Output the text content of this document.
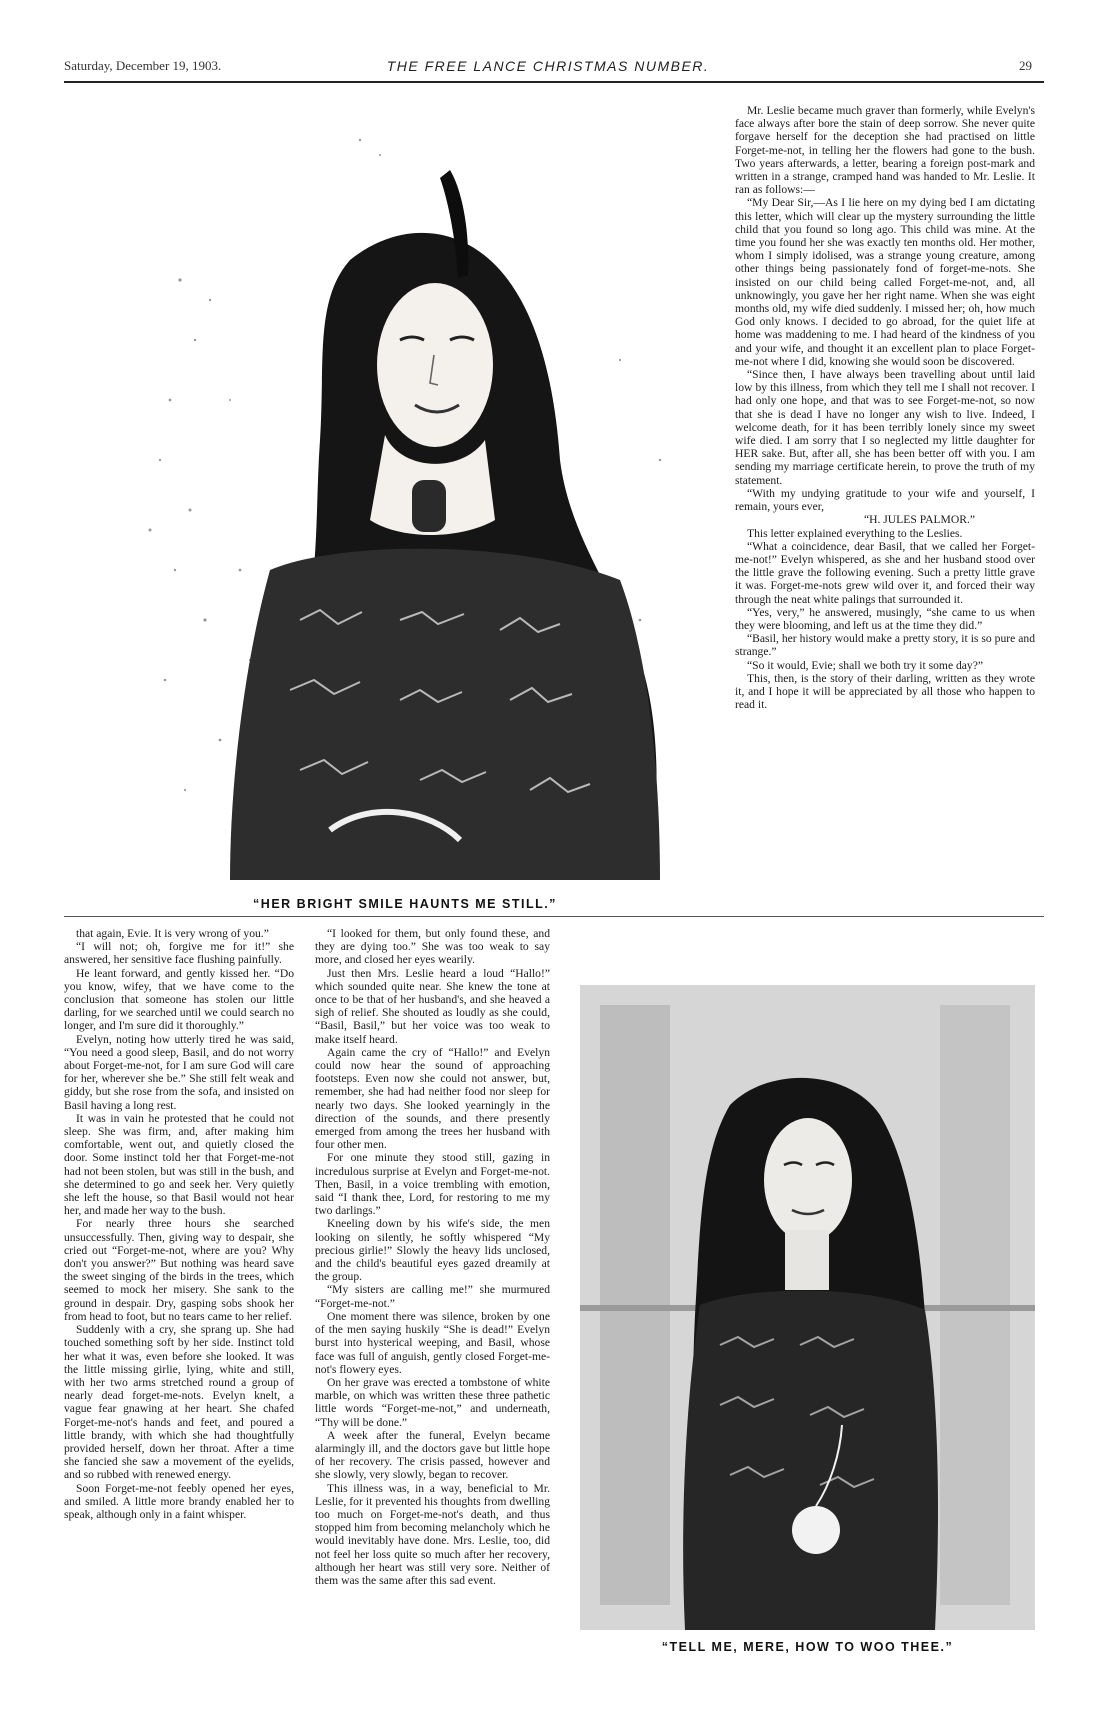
Saturday, December 19, 1903.	THE FREE LANCE CHRISTMAS NUMBER.	29
“HER BRIGHT SMILE HAUNTS ME STILL.”

Mr. Leslie became much graver than formerly, while Evelyn's face always after bore the stain of deep sorrow. She never quite forgave herself for the deception she had practised on little Forget-me-not, in telling her the flowers had gone to the bush. Two years afterwards, a letter, bearing a foreign post-mark and written in a strange, cramped hand was handed to Mr. Leslie. It ran as follows:—

“My Dear Sir,—As I lie here on my dying bed I am dictating this letter, which will clear up the mystery surrounding the little child that you found so long ago. This child was mine. At the time you found her she was exactly ten months old. Her mother, whom I simply idolised, was a strange young creature, among other things being passionately fond of forget-me-nots. She insisted on our child being called Forget-me-not, and, all unknowingly, you gave her her right name. When she was eight months old, my wife died suddenly. I missed her; oh, how much God only knows. I decided to go abroad, for the quiet life at home was maddening to me. I had heard of the kindness of you and your wife, and thought it an excellent plan to place Forget-me-not where I did, knowing she would soon be discovered.

“Since then, I have always been travelling about until laid low by this illness, from which they tell me I shall not recover. I had only one hope, and that was to see Forget-me-not, so now that she is dead I have no longer any wish to live. Indeed, I welcome death, for it has been terribly lonely since my sweet wife died. I am sorry that I so neglected my little daughter for HER sake. But, after all, she has been better off with you. I am sending my marriage certificate herein, to prove the truth of my statement.

“With my undying gratitude to your wife and yourself, I remain, yours ever,

“H. JULES PALMOR.”

This letter explained everything to the Leslies.

“What a coincidence, dear Basil, that we called her Forget-me-not!” Evelyn whispered, as she and her husband stood over the little grave the following evening. Such a pretty little grave it was. Forget-me-nots grew wild over it, and forced their way through the neat white palings that surrounded it.

“Yes, very,” he answered, musingly, “she came to us when they were blooming, and left us at the time they did.”

“Basil, her history would make a pretty story, it is so pure and strange.”

“So it would, Evie; shall we both try it some day?”

This, then, is the story of their darling, written as they wrote it, and I hope it will be appreciated by all those who happen to read it.

that again, Evie. It is very wrong of you.”

“I will not; oh, forgive me for it!” she answered, her sensitive face flushing painfully.

He leant forward, and gently kissed her. “Do you know, wifey, that we have come to the conclusion that someone has stolen our little darling, for we searched until we could search no longer, and I'm sure did it thoroughly.”

Evelyn, noting how utterly tired he was said, “You need a good sleep, Basil, and do not worry about Forget-me-not, for I am sure God will care for her, wherever she be.” She still felt weak and giddy, but she rose from the sofa, and insisted on Basil having a long rest.

It was in vain he protested that he could not sleep. She was firm, and, after making him comfortable, went out, and quietly closed the door. Some instinct told her that Forget-me-not had not been stolen, but was still in the bush, and she determined to go and seek her. Very quietly she left the house, so that Basil would not hear her, and made her way to the bush.

For nearly three hours she searched unsuccessfully. Then, giving way to despair, she cried out “Forget-me-not, where are you? Why don't you answer?” But nothing was heard save the sweet singing of the birds in the trees, which seemed to mock her misery. She sank to the ground in despair. Dry, gasping sobs shook her from head to foot, but no tears came to her relief.

Suddenly with a cry, she sprang up. She had touched something soft by her side. Instinct told her what it was, even before she looked. It was the little missing girlie, lying, white and still, with her two arms stretched round a group of nearly dead forget-me-nots. Evelyn knelt, a vague fear gnawing at her heart. She chafed Forget-me-not's hands and feet, and poured a little brandy, with which she had thoughtfully provided herself, down her throat. After a time she fancied she saw a movement of the eyelids, and so rubbed with renewed energy.

Soon Forget-me-not feebly opened her eyes, and smiled. A little more brandy enabled her to speak, although only in a faint whisper.

“I looked for them, but only found these, and they are dying too.” She was too weak to say more, and closed her eyes wearily.

Just then Mrs. Leslie heard a loud “Hallo!” which sounded quite near. She knew the tone at once to be that of her husband's, and she heaved a sigh of relief. She shouted as loudly as she could, “Basil, Basil,” but her voice was too weak to make itself heard.

Again came the cry of “Hallo!” and Evelyn could now hear the sound of approaching footsteps. Even now she could not answer, but, remember, she had had neither food nor sleep for nearly two days. She looked yearningly in the direction of the sounds, and there presently emerged from among the trees her husband with four other men.

For one minute they stood still, gazing in incredulous surprise at Evelyn and Forget-me-not. Then, Basil, in a voice trembling with emotion, said “I thank thee, Lord, for restoring to me my two darlings.”

Kneeling down by his wife's side, the men looking on silently, he softly whispered “My precious girlie!” Slowly the heavy lids unclosed, and the child's beautiful eyes gazed dreamily at the group.

“My sisters are calling me!” she murmured “Forget-me-not.”

One moment there was silence, broken by one of the men saying huskily “She is dead!” Evelyn burst into hysterical weeping, and Basil, whose face was full of anguish, gently closed Forget-me-not's flowery eyes.

On her grave was erected a tombstone of white marble, on which was written these three pathetic little words “Forget-me-not,” and underneath, “Thy will be done.”

A week after the funeral, Evelyn became alarmingly ill, and the doctors gave but little hope of her recovery. The crisis passed, however and she slowly, very slowly, began to recover.

This illness was, in a way, beneficial to Mr. Leslie, for it prevented his thoughts from dwelling too much on Forget-me-not's death, and thus stopped him from becoming melancholy which he would inevitably have done. Mrs. Leslie, too, did not feel her loss quite so much after her recovery, although her heart was still very sore. Neither of them was the same after this sad event.

“TELL ME, MERE, HOW TO WOO THEE.”
